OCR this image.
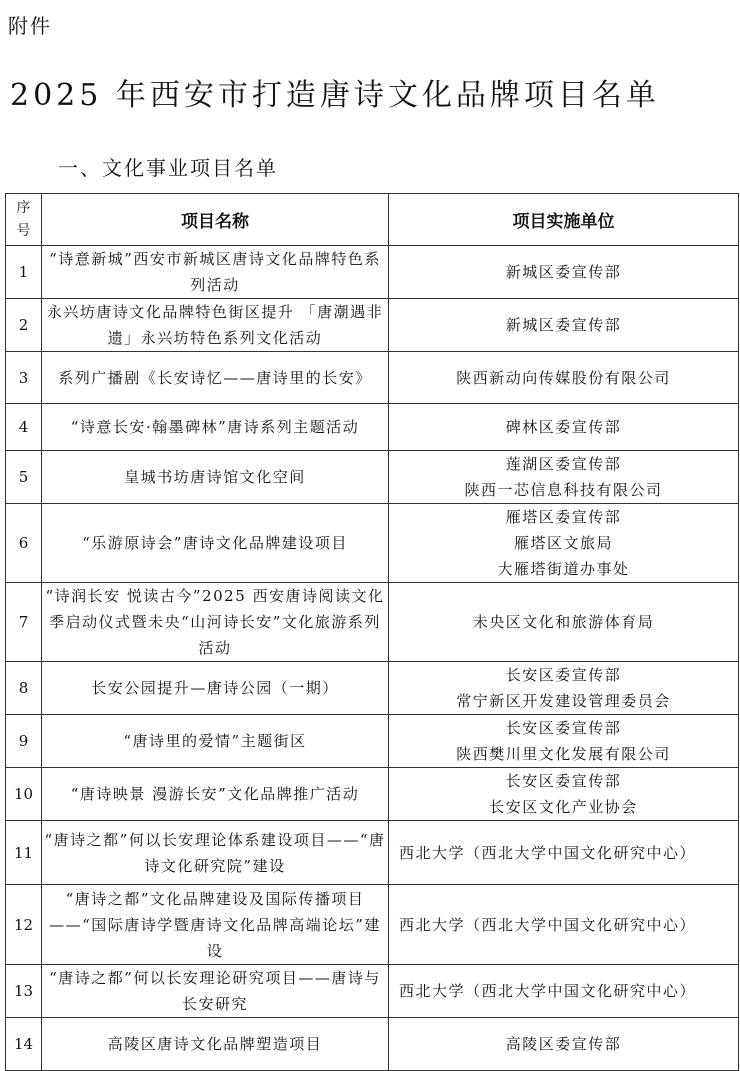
附件
2025 年西安市打造唐诗文化品牌项目名单
一、文化事业项目名单
序
号	项目名称	项目实施单位
1	“诗意新城”西安市新城区唐诗文化品牌特色系列活动	新城区委宣传部

2	永兴坊唐诗文化品牌特色街区提升 「唐潮遇非遗」永兴坊特色系列文化活动	新城区委宣传部

3	系列广播剧《长安诗忆——唐诗里的长安》	陕西新动向传媒股份有限公司

4	“诗意长安·翰墨碑林”唐诗系列主题活动	碑林区委宣传部

5	皇城书坊唐诗馆文化空间	莲湖区委宣传部
陕西一芯信息科技有限公司

6	“乐游原诗会”唐诗文化品牌建设项目	雁塔区委宣传部
雁塔区文旅局
大雁塔街道办事处

7	“诗润长安 悦读古今”2025 西安唐诗阅读文化季启动仪式暨未央“山河诗长安”文化旅游系列活动	未央区文化和旅游体育局

8	长安公园提升—唐诗公园（一期）	长安区委宣传部
常宁新区开发建设管理委员会

9	“唐诗里的爱情”主题街区	长安区委宣传部
陕西樊川里文化发展有限公司

10	“唐诗映景 漫游长安”文化品牌推广活动	长安区委宣传部
长安区文化产业协会

11	“唐诗之都”何以长安理论体系建设项目——“唐诗文化研究院”建设	西北大学（西北大学中国文化研究中心）

12	“唐诗之都”文化品牌建设及国际传播项目——“国际唐诗学暨唐诗文化品牌高端论坛”建设	西北大学（西北大学中国文化研究中心）

13	“唐诗之都”何以长安理论研究项目——唐诗与长安研究	西北大学（西北大学中国文化研究中心）

14	高陵区唐诗文化品牌塑造项目	高陵区委宣传部
